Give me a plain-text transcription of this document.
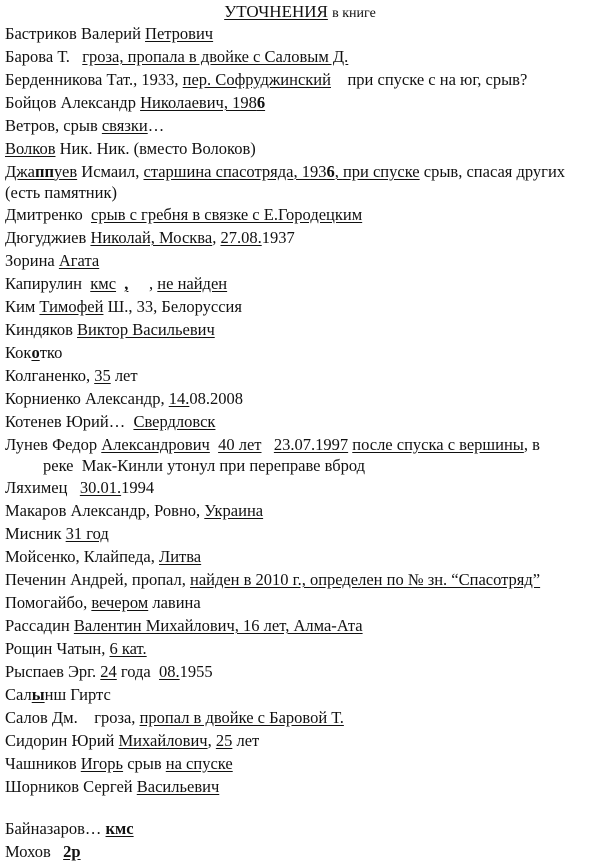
УТОЧНЕНИЯ в книге
Бастриков Валерий Петрович
Барова Т.   гроза, пропала в двойке с Саловым Д.
Берденникова Тат., 1933, пер. Софруджинский    при спуске с на юг, срыв?
Бойцов Александр Николаевич, 1986
Ветров, срыв связки…
Волков Ник. Ник. (вместо Волоков)
Джаппуев Исмаил, старшина спасотряда, 1936, при спуске срыв, спасая других
(есть памятник)
Дмитренко  срыв с гребня в связке с Е.Городецким
Дюгуджиев Николай, Москва, 27.08.1937
Зорина Агата
Капирулин  кмс ,     , не найден
Ким Тимофей Ш., 33, Белоруссия
Киндяков Виктор Васильевич
Кокотко
Колганенко, 35 лет
Корниенко Александр, 14.08.2008
Котенев Юрий…  Свердловск
Лунев Федор Александрович 40 лет 23.07.1997 после спуска с вершины, в
реке  Мак-Кинли утонул при переправе вброд
Ляхимец   30.01.1994
Макаров Александр, Ровно, Украина
Мисник 31 год
Мойсенко, Клайпеда, Литва
Печенин Андрей, пропал, найден в 2010 г., определен по № зн. “Спасотряд”
Помогайбо, вечером лавина
Рассадин Валентин Михайлович, 16 лет, Алма-Ата
Рощин Чатын, 6 кат.
Рыспаев Эрг. 24 года  08.1955
Салынш Гиртс
Салов Дм.    гроза, пропал в двойке с Баровой Т.
Сидорин Юрий Михайлович, 25 лет
Чашников Игорь срыв на спуске
Шорников Сергей Васильевич
Байназаров… кмс
Мохов   2р
